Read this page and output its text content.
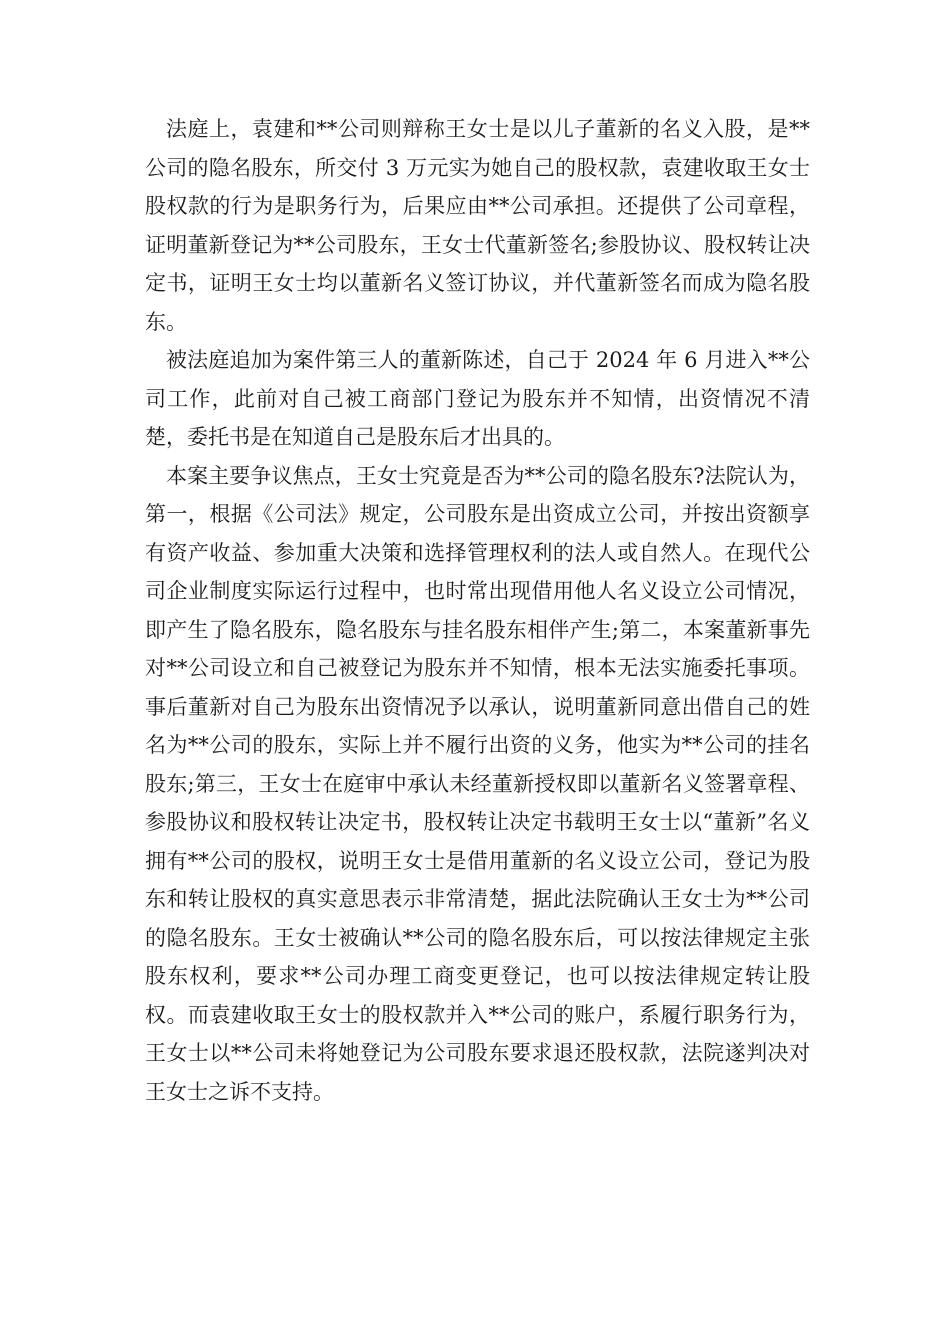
法庭上，袁建和**公司则辩称王女士是以儿子董新的名义入股，是**公司的隐名股东，所交付 3 万元实为她自己的股权款，袁建收取王女士股权款的行为是职务行为，后果应由**公司承担。还提供了公司章程，证明董新登记为**公司股东，王女士代董新签名;参股协议、股权转让决定书，证明王女士均以董新名义签订协议，并代董新签名而成为隐名股东。

被法庭追加为案件第三人的董新陈述，自己于 2024 年 6 月进入**公司工作，此前对自己被工商部门登记为股东并不知情，出资情况不清楚，委托书是在知道自己是股东后才出具的。

本案主要争议焦点，王女士究竟是否为**公司的隐名股东?法院认为，第一，根据《公司法》规定，公司股东是出资成立公司，并按出资额享有资产收益、参加重大决策和选择管理权利的法人或自然人。在现代公司企业制度实际运行过程中，也时常出现借用他人名义设立公司情况，即产生了隐名股东，隐名股东与挂名股东相伴产生;第二，本案董新事先对**公司设立和自己被登记为股东并不知情，根本无法实施委托事项。事后董新对自己为股东出资情况予以承认，说明董新同意出借自己的姓名为**公司的股东，实际上并不履行出资的义务，他实为**公司的挂名股东;第三，王女士在庭审中承认未经董新授权即以董新名义签署章程、参股协议和股权转让决定书，股权转让决定书载明王女士以“董新”名义拥有**公司的股权，说明王女士是借用董新的名义设立公司，登记为股东和转让股权的真实意思表示非常清楚，据此法院确认王女士为**公司的隐名股东。王女士被确认**公司的隐名股东后，可以按法律规定主张股东权利，要求**公司办理工商变更登记，也可以按法律规定转让股权。而袁建收取王女士的股权款并入**公司的账户，系履行职务行为，王女士以**公司未将她登记为公司股东要求退还股权款，法院遂判决对王女士之诉不支持。
